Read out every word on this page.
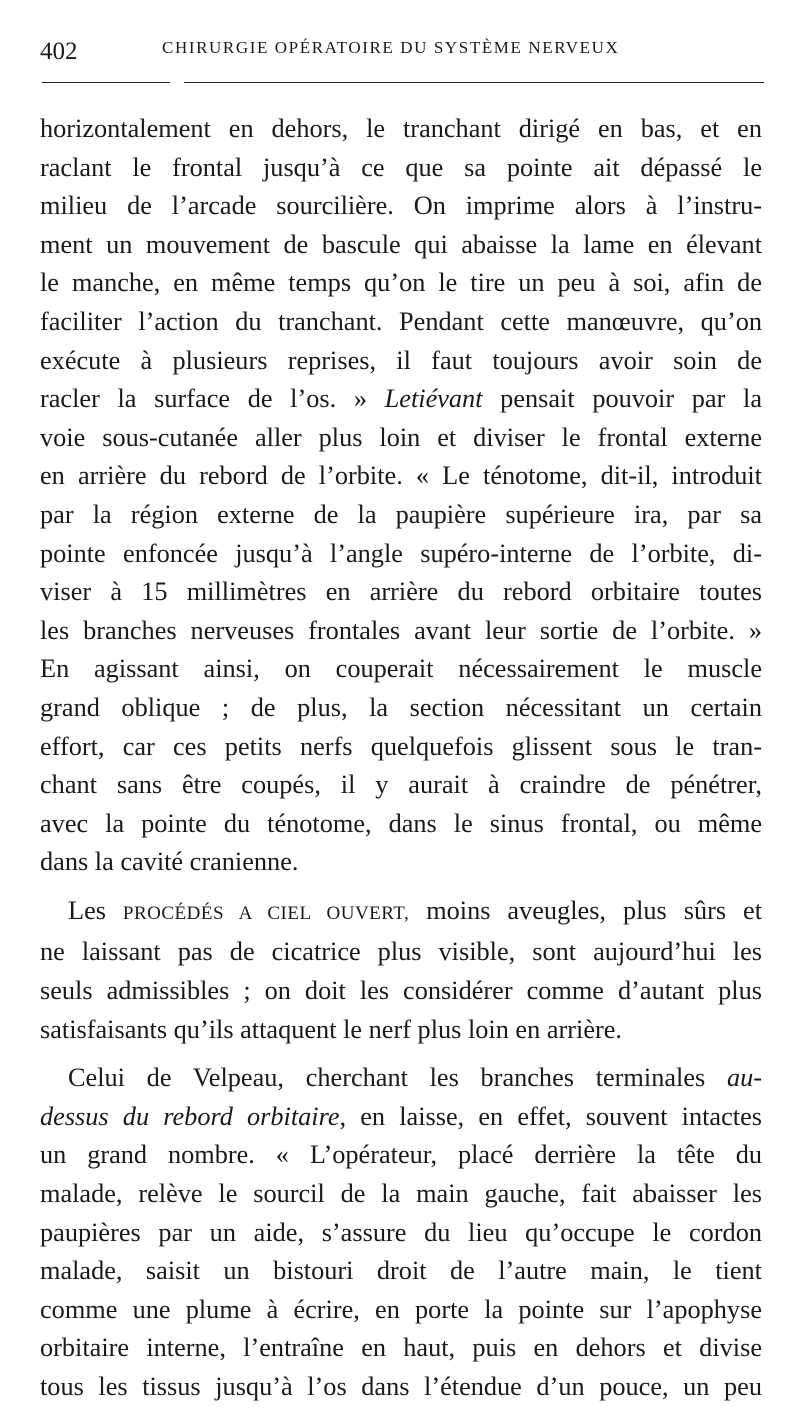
402	CHIRURGIE OPÉRATOIRE DU SYSTÈME NERVEUX
horizontalement en dehors, le tranchant dirigé en bas, et en
raclant le frontal jusqu’à ce que sa pointe ait dépassé le
milieu de l’arcade sourcilière. On imprime alors à l’instru-
ment un mouvement de bascule qui abaisse la lame en élevant
le manche, en même temps qu’on le tire un peu à soi, afin de
faciliter l’action du tranchant. Pendant cette manœuvre, qu’on
exécute à plusieurs reprises, il faut toujours avoir soin de
racler la surface de l’os. » Letiévant pensait pouvoir par la
voie sous-cutanée aller plus loin et diviser le frontal externe
en arrière du rebord de l’orbite. « Le ténotome, dit-il, introduit
par la région externe de la paupière supérieure ira, par sa
pointe enfoncée jusqu’à l’angle supéro-interne de l’orbite, di-
viser à 15 millimètres en arrière du rebord orbitaire toutes
les branches nerveuses frontales avant leur sortie de l’orbite. »
En agissant ainsi, on couperait nécessairement le muscle
grand oblique ; de plus, la section nécessitant un certain
effort, car ces petits nerfs quelquefois glissent sous le tran-
chant sans être coupés, il y aurait à craindre de pénétrer,
avec la pointe du ténotome, dans le sinus frontal, ou même
dans la cavité cranienne.
Les PROCÉDÉS A CIEL OUVERT, moins aveugles, plus sûrs et
ne laissant pas de cicatrice plus visible, sont aujourd’hui les
seuls admissibles ; on doit les considérer comme d’autant plus
satisfaisants qu’ils attaquent le nerf plus loin en arrière.
Celui de Velpeau, cherchant les branches terminales au-
dessus du rebord orbitaire, en laisse, en effet, souvent intactes
un grand nombre. « L’opérateur, placé derrière la tête du
malade, relève le sourcil de la main gauche, fait abaisser les
paupières par un aide, s’assure du lieu qu’occupe le cordon
malade, saisit un bistouri droit de l’autre main, le tient
comme une plume à écrire, en porte la pointe sur l’apophyse
orbitaire interne, l’entraîne en haut, puis en dehors et divise
tous les tissus jusqu’à l’os dans l’étendue d’un pouce, un peu
